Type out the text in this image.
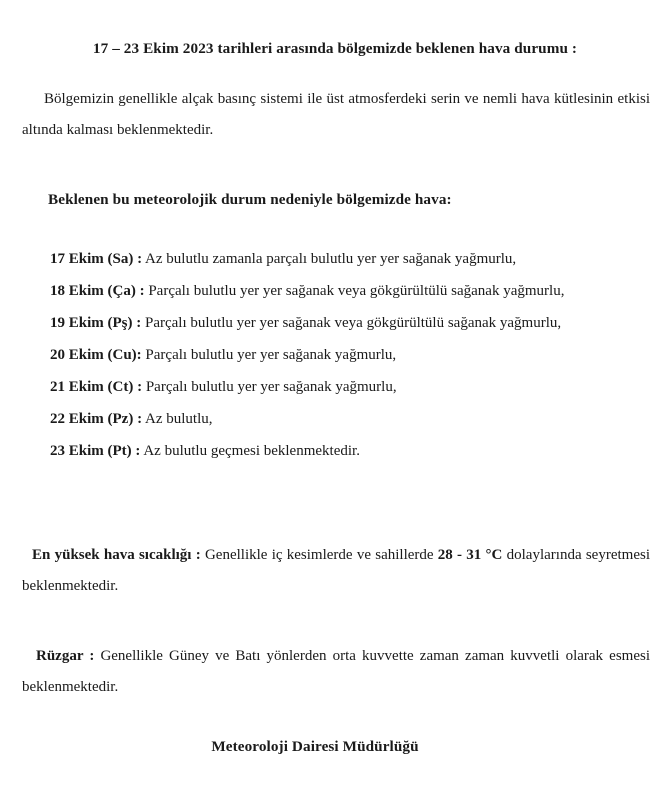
17 – 23 Ekim 2023 tarihleri arasında bölgemizde beklenen hava durumu :
Bölgemizin genellikle alçak basınç sistemi ile üst atmosferdeki serin ve nemli hava kütlesinin etkisi altında kalması beklenmektedir.
Beklenen bu meteorolojik durum nedeniyle bölgemizde hava:
17 Ekim (Sa) : Az bulutlu zamanla parçalı bulutlu yer yer sağanak yağmurlu,
18 Ekim (Ça) : Parçalı bulutlu yer yer sağanak veya gökgürültülü sağanak yağmurlu,
19 Ekim (Pş) : Parçalı bulutlu yer yer sağanak veya gökgürültülü sağanak yağmurlu,
20 Ekim (Cu): Parçalı bulutlu yer yer sağanak yağmurlu,
21 Ekim (Ct) : Parçalı bulutlu yer yer sağanak yağmurlu,
22 Ekim (Pz) : Az bulutlu,
23 Ekim (Pt) : Az bulutlu geçmesi beklenmektedir.
En yüksek hava sıcaklığı : Genellikle iç kesimlerde ve sahillerde 28 - 31 °C dolaylarında seyretmesi beklenmektedir.
Rüzgar : Genellikle Güney ve Batı yönlerden orta kuvvette zaman zaman kuvvetli olarak esmesi beklenmektedir.
Meteoroloji Dairesi Müdürlüğü
